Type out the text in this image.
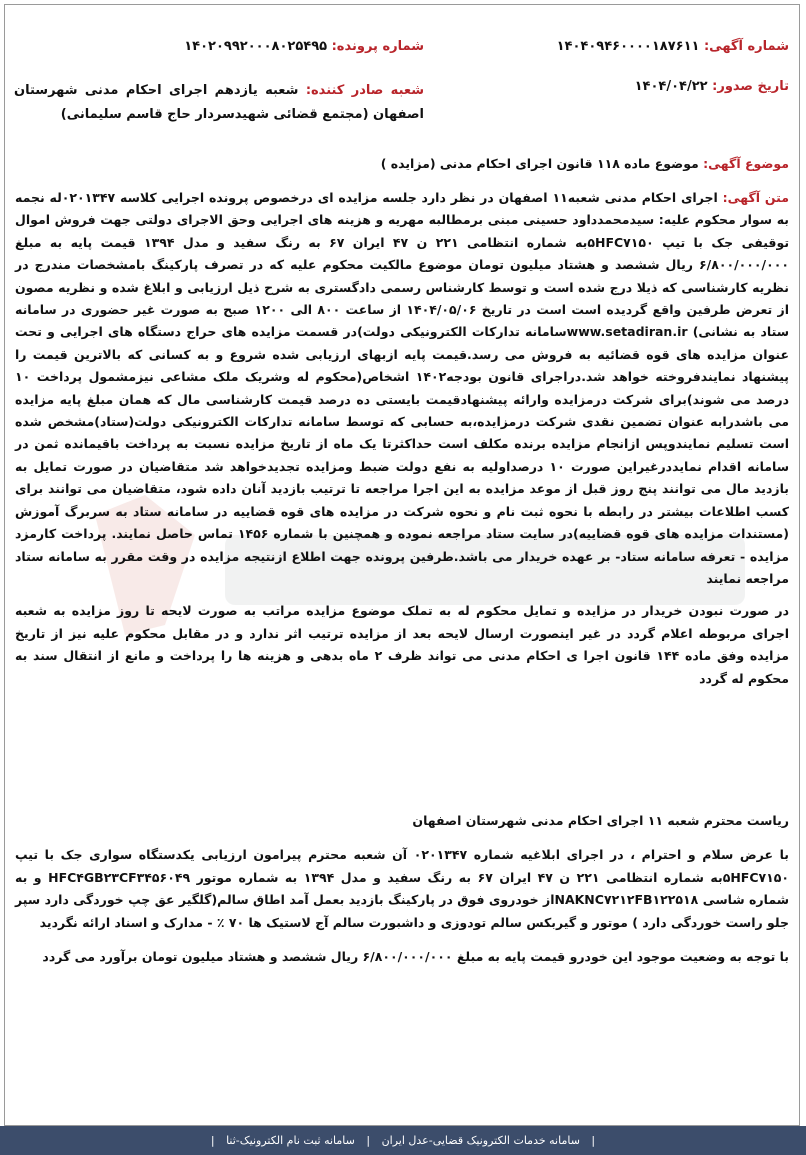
شماره آگهی: ۱۴۰۴۰۹۴۶۰۰۰۰۱۸۷۶۱۱
شماره پرونده: ۱۴۰۲۰۹۹۲۰۰۰۸۰۲۵۴۹۵
تاریخ صدور: ۱۴۰۴/۰۴/۲۲
شعبه صادر کننده: شعبه یازدهم اجرای احکام مدنی شهرستان اصفهان (مجتمع قضائی شهیدسردار حاج قاسم سلیمانی)

موضوع آگهی: موضوع ماده ۱۱۸ قانون اجرای احکام مدنی (مزایده )

متن آگهی: اجرای احکام مدنی شعبه۱۱ اصفهان در نظر دارد جلسه مزایده ای درخصوص پرونده اجرایی کلاسه ۰۲۰۱۳۴۷له نجمه به سوار محکوم علیه: سیدمحمدداود حسینی مبنی برمطالبه مهریه و هزینه های اجرایی وحق الاجرای دولتی جهت فروش اموال توقیفی جک با تیپ ۵HFC۷۱۵۰به شماره انتظامی ۲۲۱ ن ۴۷ ایران ۶۷ به رنگ سفید و مدل ۱۳۹۴ قیمت پایه به مبلغ ۶/۸۰۰/۰۰۰/۰۰۰ ریال ششصد و هشتاد میلیون تومان موضوع مالکیت محکوم علیه که در تصرف پارکینگ بامشخصات مندرج در نظریه کارشناسی که ذیلا درج شده است و توسط کارشناس رسمی دادگستری به شرح ذیل ارزیابی و ابلاغ شده و نظریه مصون از تعرض طرفین واقع گردیده است است در تاریخ ۱۴۰۴/۰۵/۰۶ از ساعت ۸۰۰ الی ۱۲۰۰ صبح به صورت غیر حضوری در سامانه ستاد به نشانی) www.setadiran.irسامانه تدارکات الکترونیکی دولت)در قسمت مزایده های حراج دستگاه های اجرایی و تحت عنوان مزایده های قوه قضائیه به فروش می رسد.قیمت پایه ازبهای ارزیابی شده شروع و به کسانی که بالاترین قیمت را پیشنهاد نمایندفروخته خواهد شد.دراجرای قانون بودجه۱۴۰۲ اشخاص(محکوم له وشریک ملک مشاعی نیزمشمول پرداخت ۱۰ درصد می شوند)برای شرکت درمزایده وارائه پیشنهادقیمت بایستی ده درصد قیمت کارشناسی مال که همان مبلغ پایه مزایده می باشدرابه عنوان تضمین نقدی شرکت درمزایده،به حسابی که توسط سامانه تدارکات الکترونیکی دولت(ستاد)مشخص شده است تسلیم نمایندوپس ازانجام مزایده برنده مکلف است حداکثرتا یک ماه از تاریخ مزایده نسبت به پرداخت باقیمانده ثمن در سامانه اقدام نمایددرغیراین صورت ۱۰ درصداولیه به نفع دولت ضبط ومزایده تجدیدخواهد شد متقاضیان در صورت تمایل به بازدید مال می توانند پنج روز قبل از موعد مزایده به این اجرا مراجعه تا ترتیب بازدید آنان داده شود، متقاضیان می توانند برای کسب اطلاعات بیشتر در رابطه با نحوه ثبت نام و نحوه شرکت در مزایده های قوه قضاییه در سامانه ستاد به سربرگ آموزش (مستندات مزایده های قوه قضاییه)در سایت ستاد مراجعه نموده و همچنین با شماره ۱۴۵۶ تماس حاصل نمایند. پرداخت کارمزد مزایده - تعرفه سامانه ستاد- بر عهده خریدار می باشد.طرفین پرونده جهت اطلاع ازنتیجه مزایده در وقت مقرر به سامانه ستاد مراجعه نمایند

در صورت نبودن خریدار در مزایده و تمایل محکوم له به تملک موضوع مزایده مراتب به صورت لایحه تا روز مزایده به شعبه اجرای مربوطه اعلام گردد در غیر اینصورت ارسال لایحه بعد از مزایده ترتیب اثر ندارد و در مقابل محکوم علیه نیز از تاریخ مزایده وفق ماده ۱۴۴ قانون اجرا ی احکام مدنی می تواند ظرف ۲ ماه بدهی و هزینه ها را پرداخت و مانع از انتقال سند به محکوم له گردد

ریاست محترم شعبه ۱۱ اجرای احکام مدنی شهرستان اصفهان

با عرض سلام و احترام ، در اجرای ابلاغیه شماره ۰۲۰۱۳۴۷ آن شعبه محترم پیرامون ارزیابی یکدستگاه سواری جک با تیپ ۵HFC۷۱۵۰به شماره انتظامی ۲۲۱ ن ۴۷ ایران ۶۷ به رنگ سفید و مدل ۱۳۹۴ به شماره موتور HFC۴GB۲۳CF۳۴۵۶۰۴۹ و به شماره شاسی NAKNC۷۲۱۲FB۱۲۲۵۱۸از خودروی فوق در پارکینگ بازدید بعمل آمد اطاق سالم(گلگیر عق چپ خوردگی دارد سپر جلو راست خوردگی دارد ) موتور و گیربکس سالم تودوزی و داشبورت سالم آج لاستیک ها ۷۰ ٪ - مدارک و اسناد ارائه نگردید

با توجه به وضعیت موجود این خودرو قیمت پایه به مبلغ ۶/۸۰۰/۰۰۰/۰۰۰ ریال ششصد و هشتاد میلیون تومان برآورد می گردد

| سامانه خدمات الکترونیک قضایی-عدل ایران | سامانه ثبت نام الکترونیک-ثنا |
